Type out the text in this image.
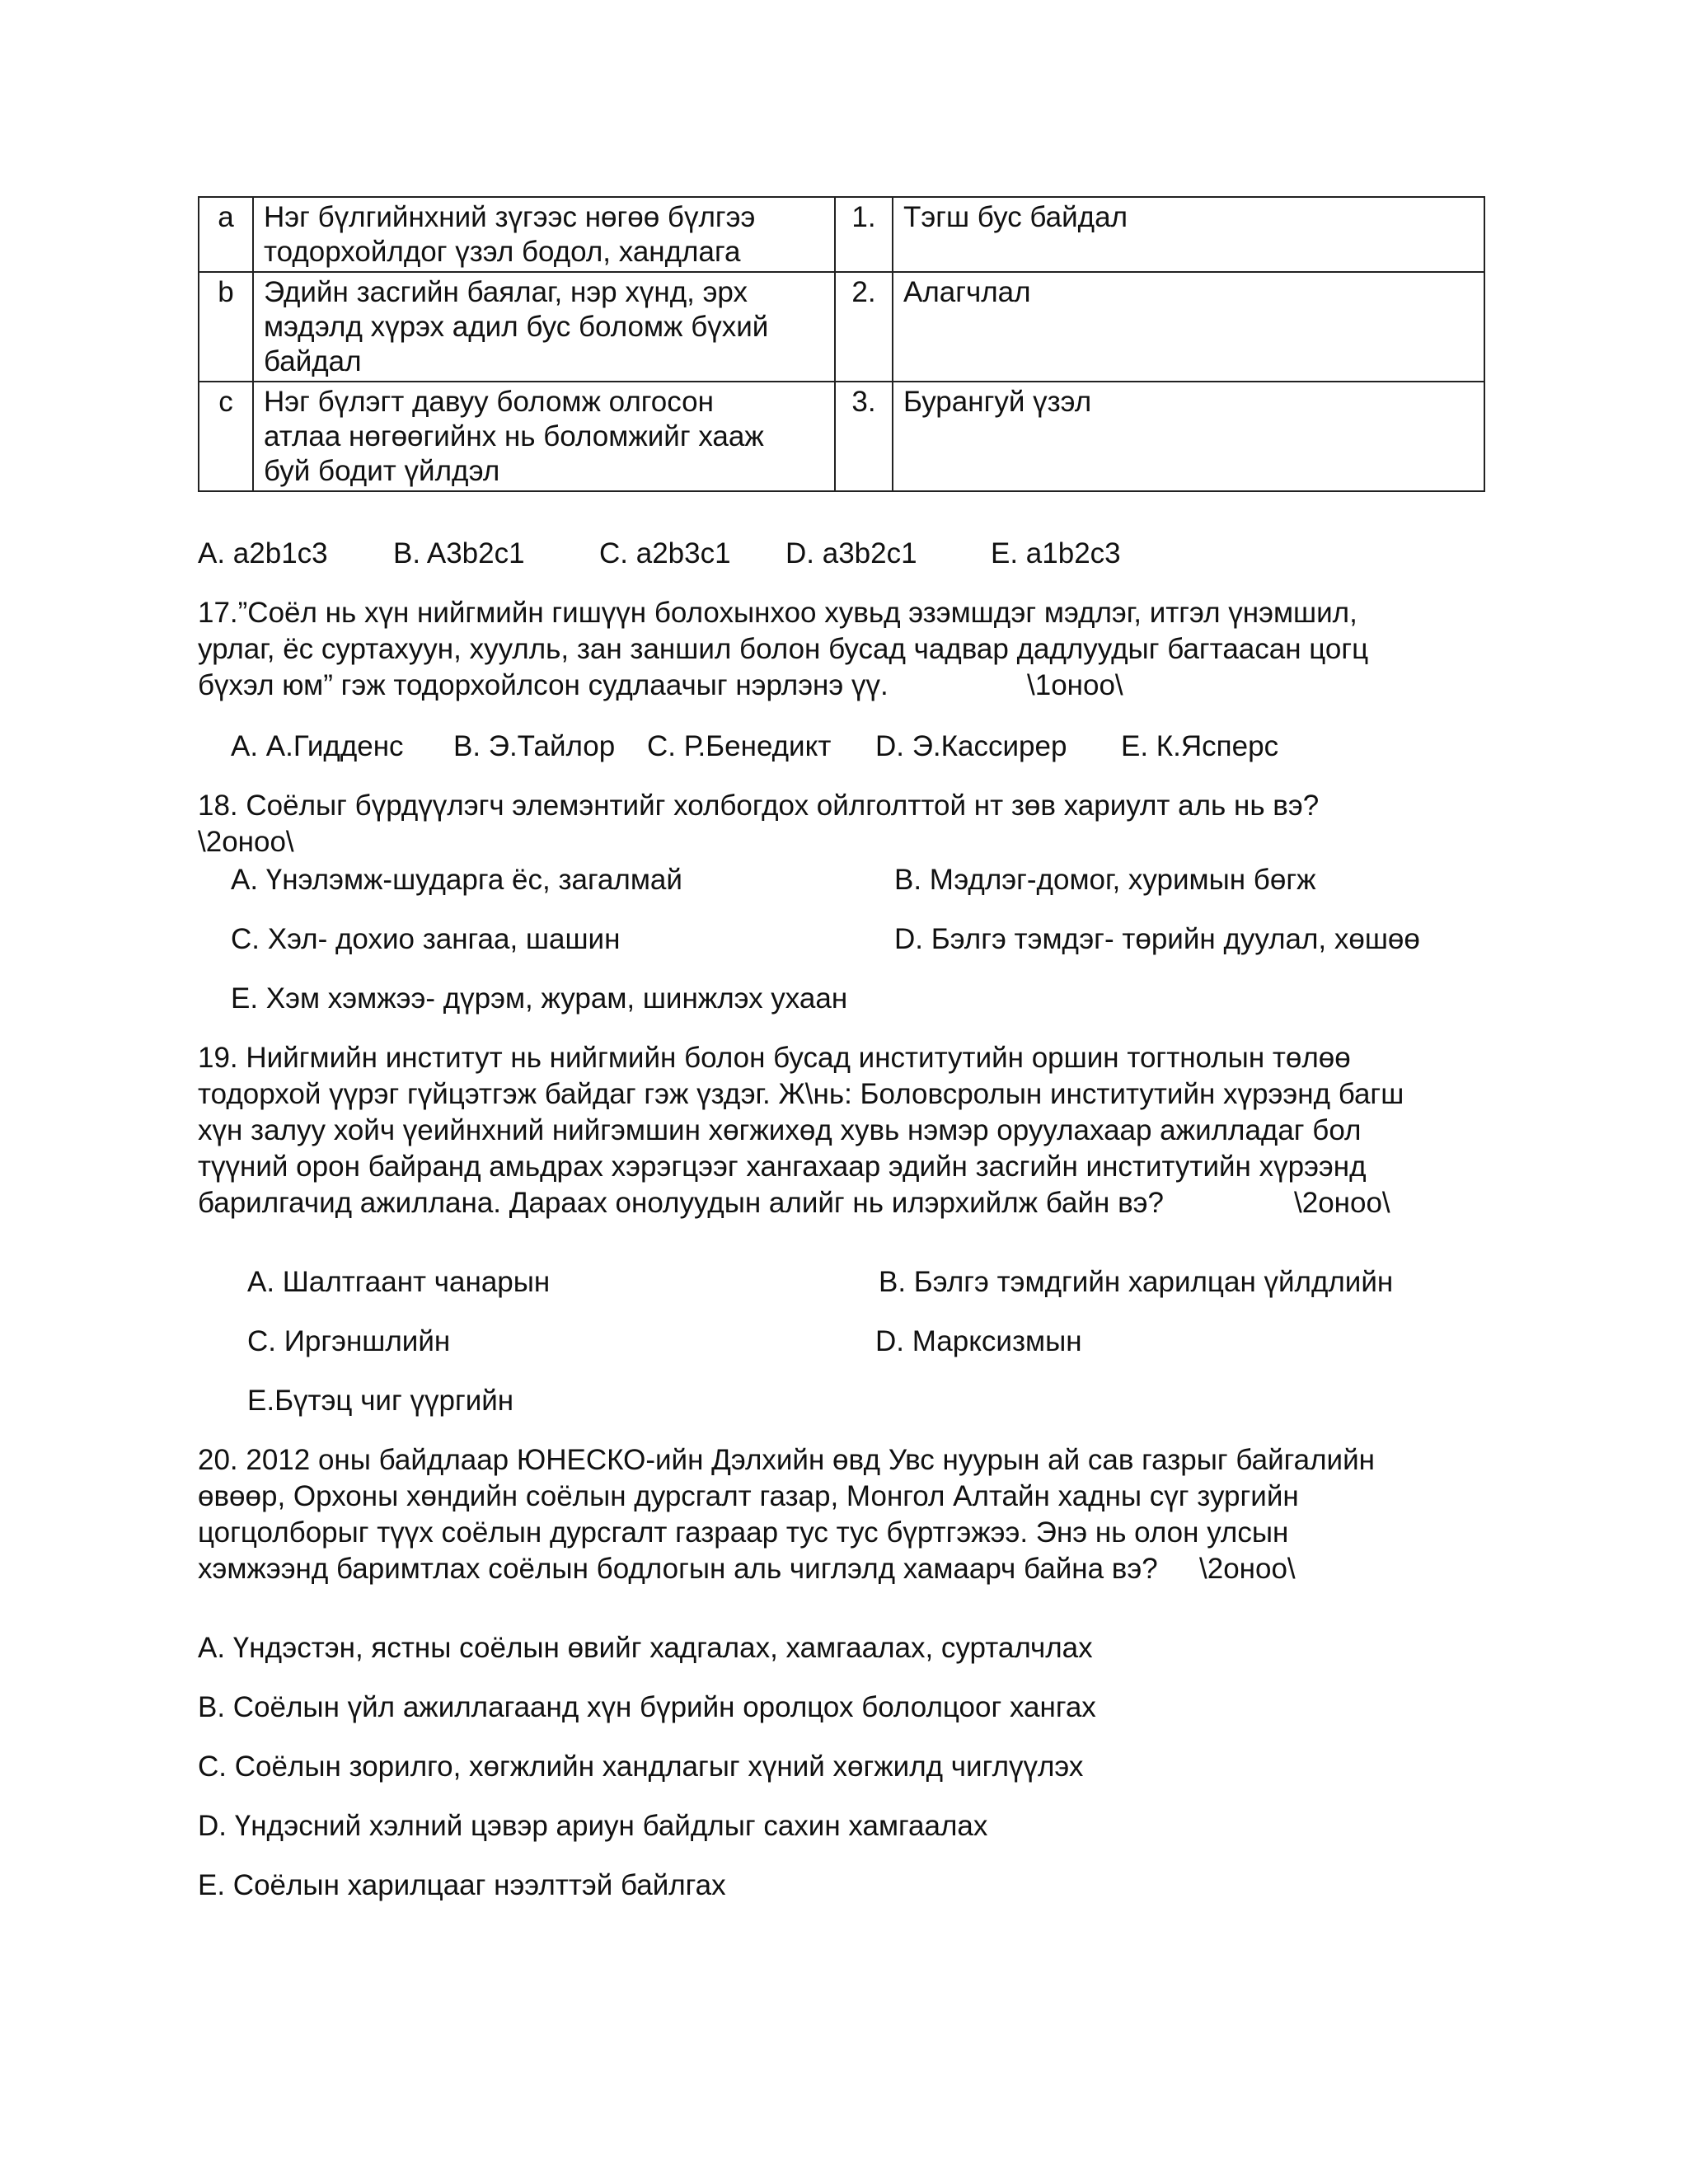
a	Нэг бүлгийнхний зүгээс нөгөө бүлгээ
тодорхойлдог үзэл бодол, хандлага	1.	Тэгш бус байдал
b	Эдийн засгийн баялаг, нэр хүнд, эрх
мэдэлд хүрэх адил бус боломж бүхий
байдал	2.	Алагчлал
c	Нэг бүлэгт давуу боломж олгосон
атлаа нөгөөгийнх нь боломжийг хааж
буй бодит үйлдэл	3.	Бурангуй үзэл
A. a2b1c3 B. A3b2c1	C. a2b3c1 D. a3b2c1	E. a1b2c3
17.”Соёл нь хүн нийгмийн гишүүн болохынхоо хувьд эзэмшдэг мэдлэг, итгэл үнэмшил,
урлаг, ёс суртахуун, хуулль, зан заншил болон бусад чадвар дадлуудыг багтаасан цогц
бүхэл юм” гэж тодорхойлсон судлаачыг нэрлэнэ үү.	\1оноо\
A. А.Гидденс B. Э.Тайлор C. Р.Бенедикт D. Э.Кассирер E. К.Ясперс
18. Соёлыг бүрдүүлэгч элемэнтийг холбогдох ойлголттой нт зөв хариулт аль нь вэ?
\2оноо\
A. Үнэлэмж-шударга ёс, загалмай	B. Мэдлэг-домог, хуримын бөгж
C. Хэл- дохио зангаа, шашин	D. Бэлгэ тэмдэг- төрийн дуулал, хөшөө
E. Хэм хэмжээ- дүрэм, журам, шинжлэх ухаан
19. Нийгмийн институт нь нийгмийн болон бусад институтийн оршин тогтнолын төлөө
тодорхой үүрэг гүйцэтгэж байдаг гэж үздэг. Ж\нь: Боловсролын институтийн хүрээнд багш
хүн залуу хойч үеийнхний нийгэмшин хөгжихөд хувь нэмэр оруулахаар ажилладаг бол
түүний орон байранд амьдрах хэрэгцээг хангахаар эдийн засгийн институтийн хүрээнд
барилгачид ажиллана. Дараах онолуудын алийг нь илэрхийлж байн вэ?	\2оноо\
A. Шалтгаант чанарын	B. Бэлгэ тэмдгийн харилцан үйлдлийн
C. Иргэншлийн	D. Марксизмын
E.Бүтэц чиг үүргийн
20. 2012 оны байдлаар ЮНЕСКО-ийн Дэлхийн өвд Увс нуурын ай сав газрыг байгалийн
өвөөр, Орхоны хөндийн соёлын дурсгалт газар, Монгол Алтайн хадны сүг зургийн
цогцолборыг түүх соёлын дурсгалт газраар тус тус бүртгэжээ. Энэ нь олон улсын
хэмжээнд баримтлах соёлын бодлогын аль чиглэлд хамаарч байна вэ? \2оноо\
A. Үндэстэн, ястны соёлын өвийг хадгалах, хамгаалах, сурталчлах
B. Соёлын үйл ажиллагаанд хүн бүрийн оролцох бололцоог хангах
C. Соёлын зорилго, хөгжлийн хандлагыг хүний хөгжилд чиглүүлэх
D. Үндэсний хэлний цэвэр ариун байдлыг сахин хамгаалах
E. Соёлын харилцааг нээлттэй байлгах
